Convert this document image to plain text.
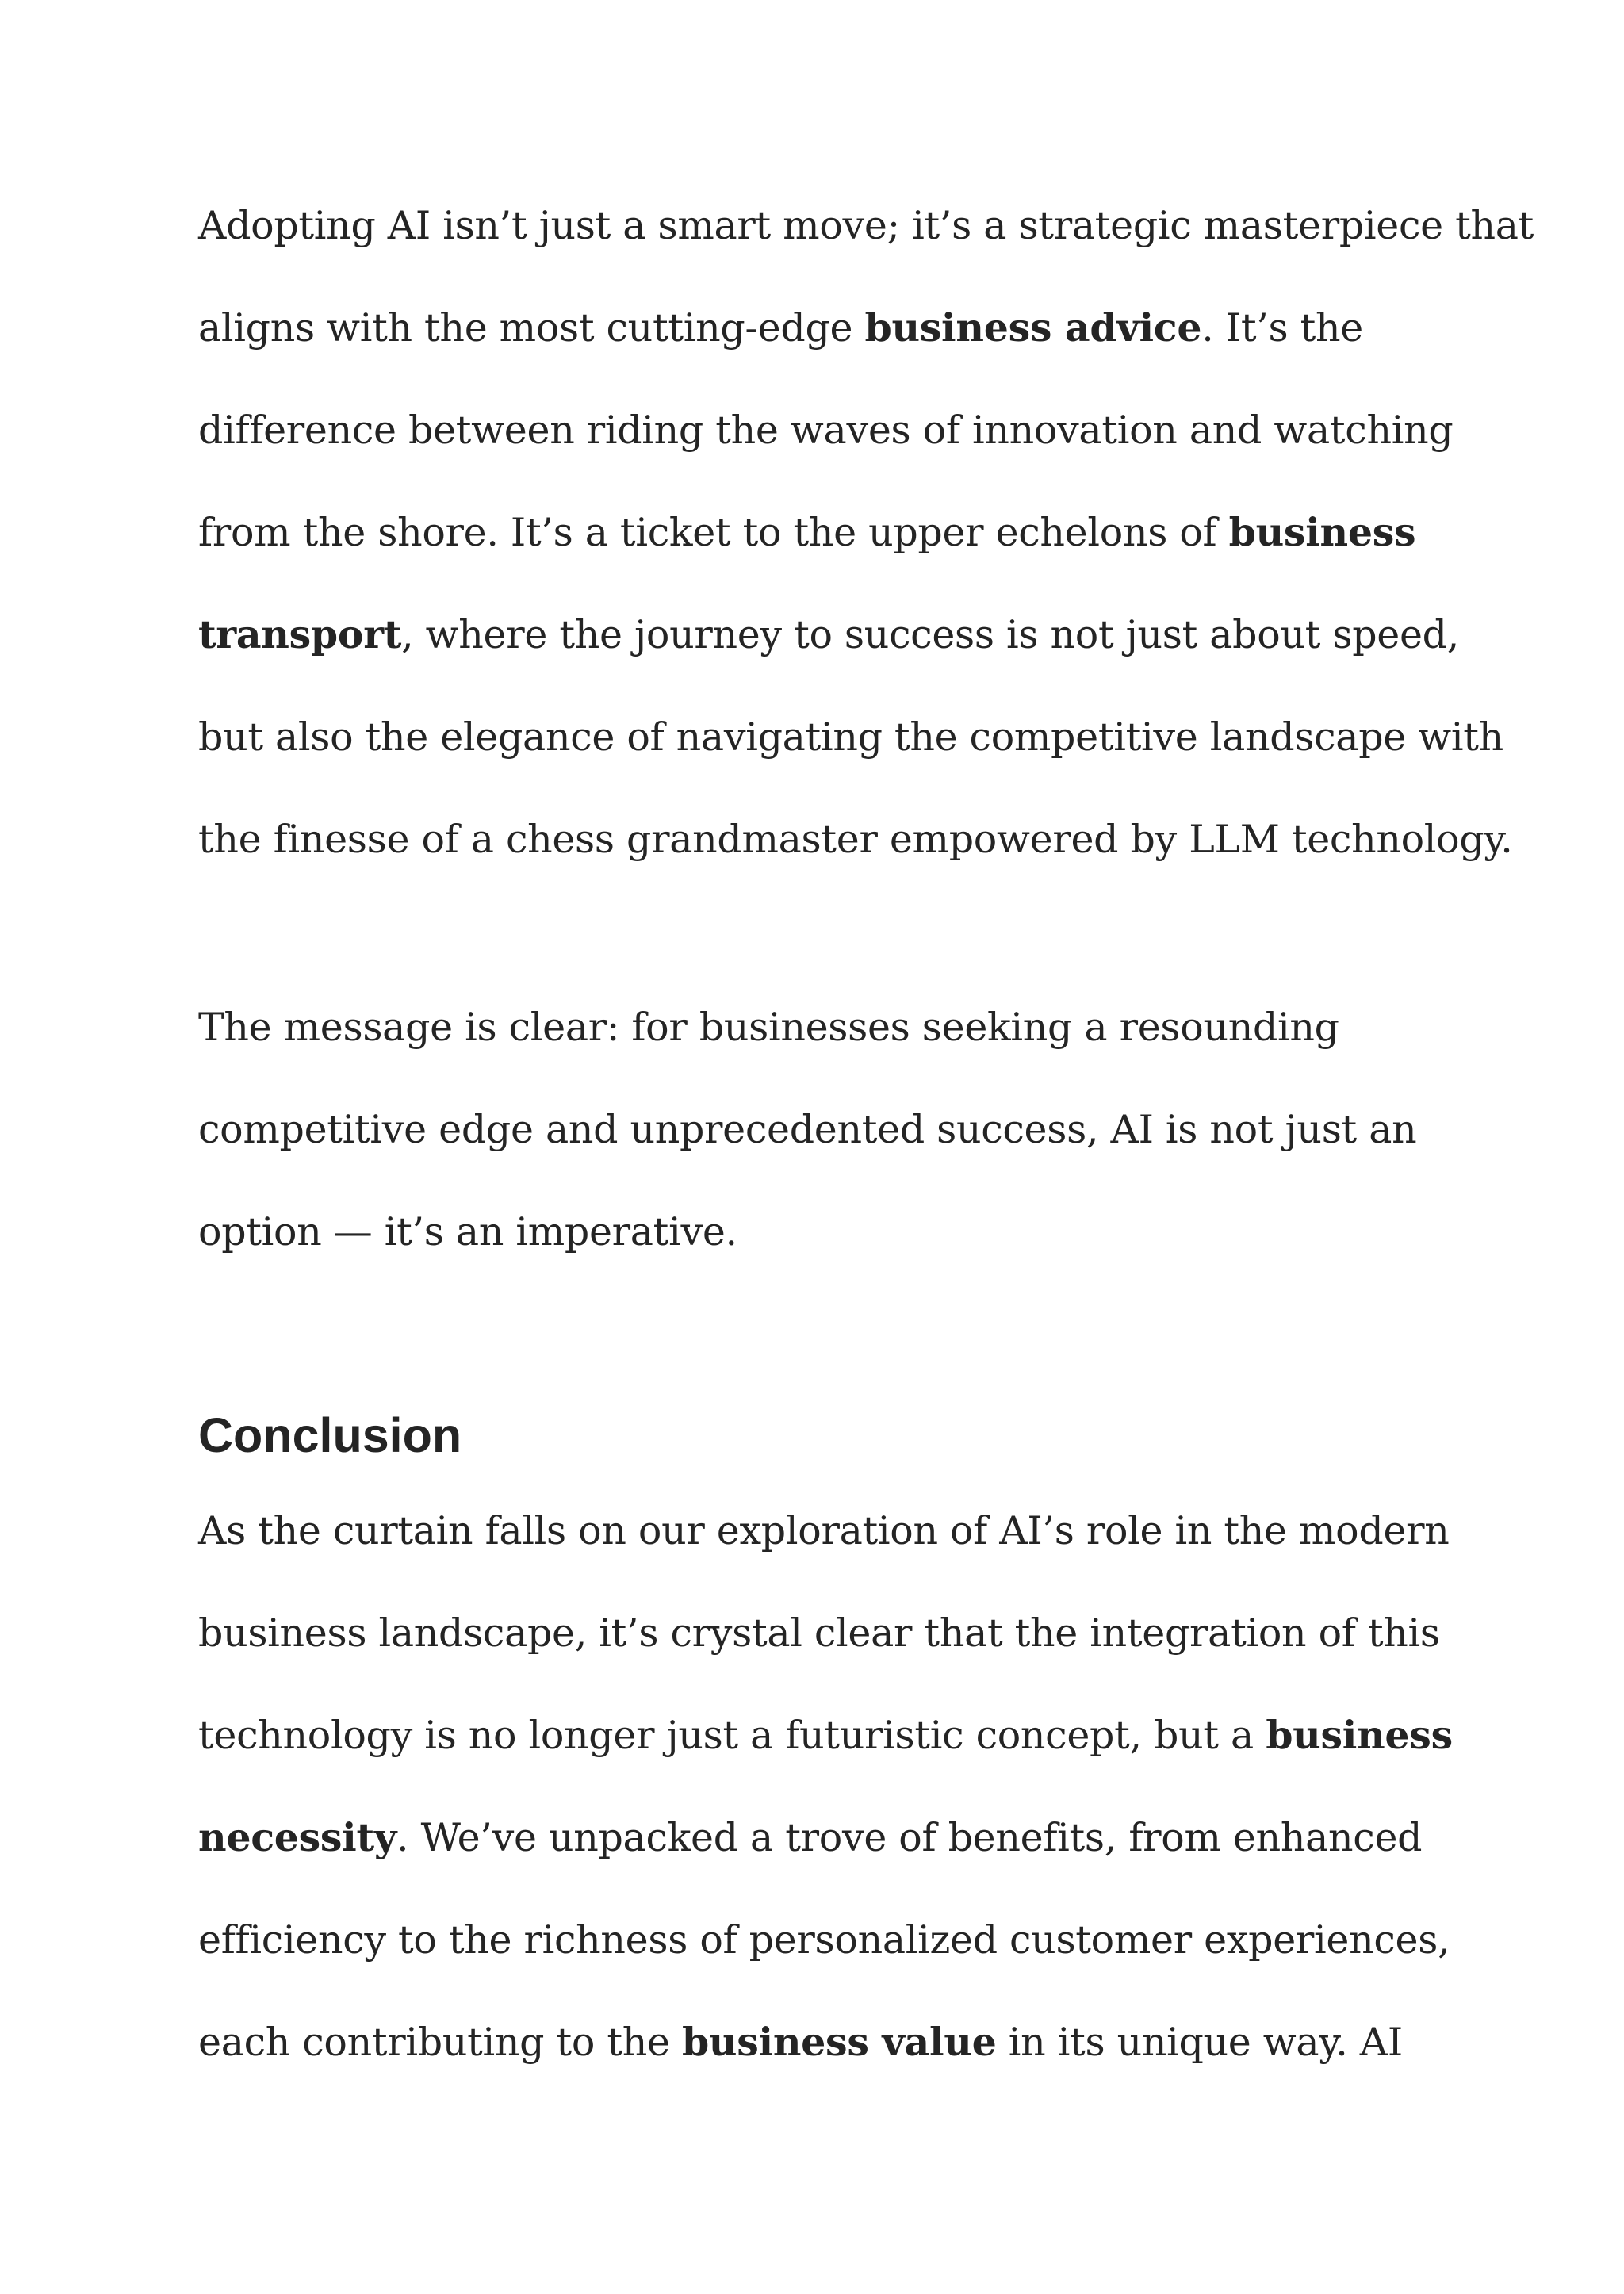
Adopting AI isn’t just a smart move; it’s a strategic masterpiece that
aligns with the most cutting-edge business advice. It’s the
difference between riding the waves of innovation and watching
from the shore. It’s a ticket to the upper echelons of business
transport, where the journey to success is not just about speed,
but also the elegance of navigating the competitive landscape with
the finesse of a chess grandmaster empowered by LLM technology.

The message is clear: for businesses seeking a resounding
competitive edge and unprecedented success, AI is not just an
option — it’s an imperative.

Conclusion

As the curtain falls on our exploration of AI’s role in the modern
business landscape, it’s crystal clear that the integration of this
technology is no longer just a futuristic concept, but a business
necessity. We’ve unpacked a trove of benefits, from enhanced
efficiency to the richness of personalized customer experiences,
each contributing to the business value in its unique way. AI
